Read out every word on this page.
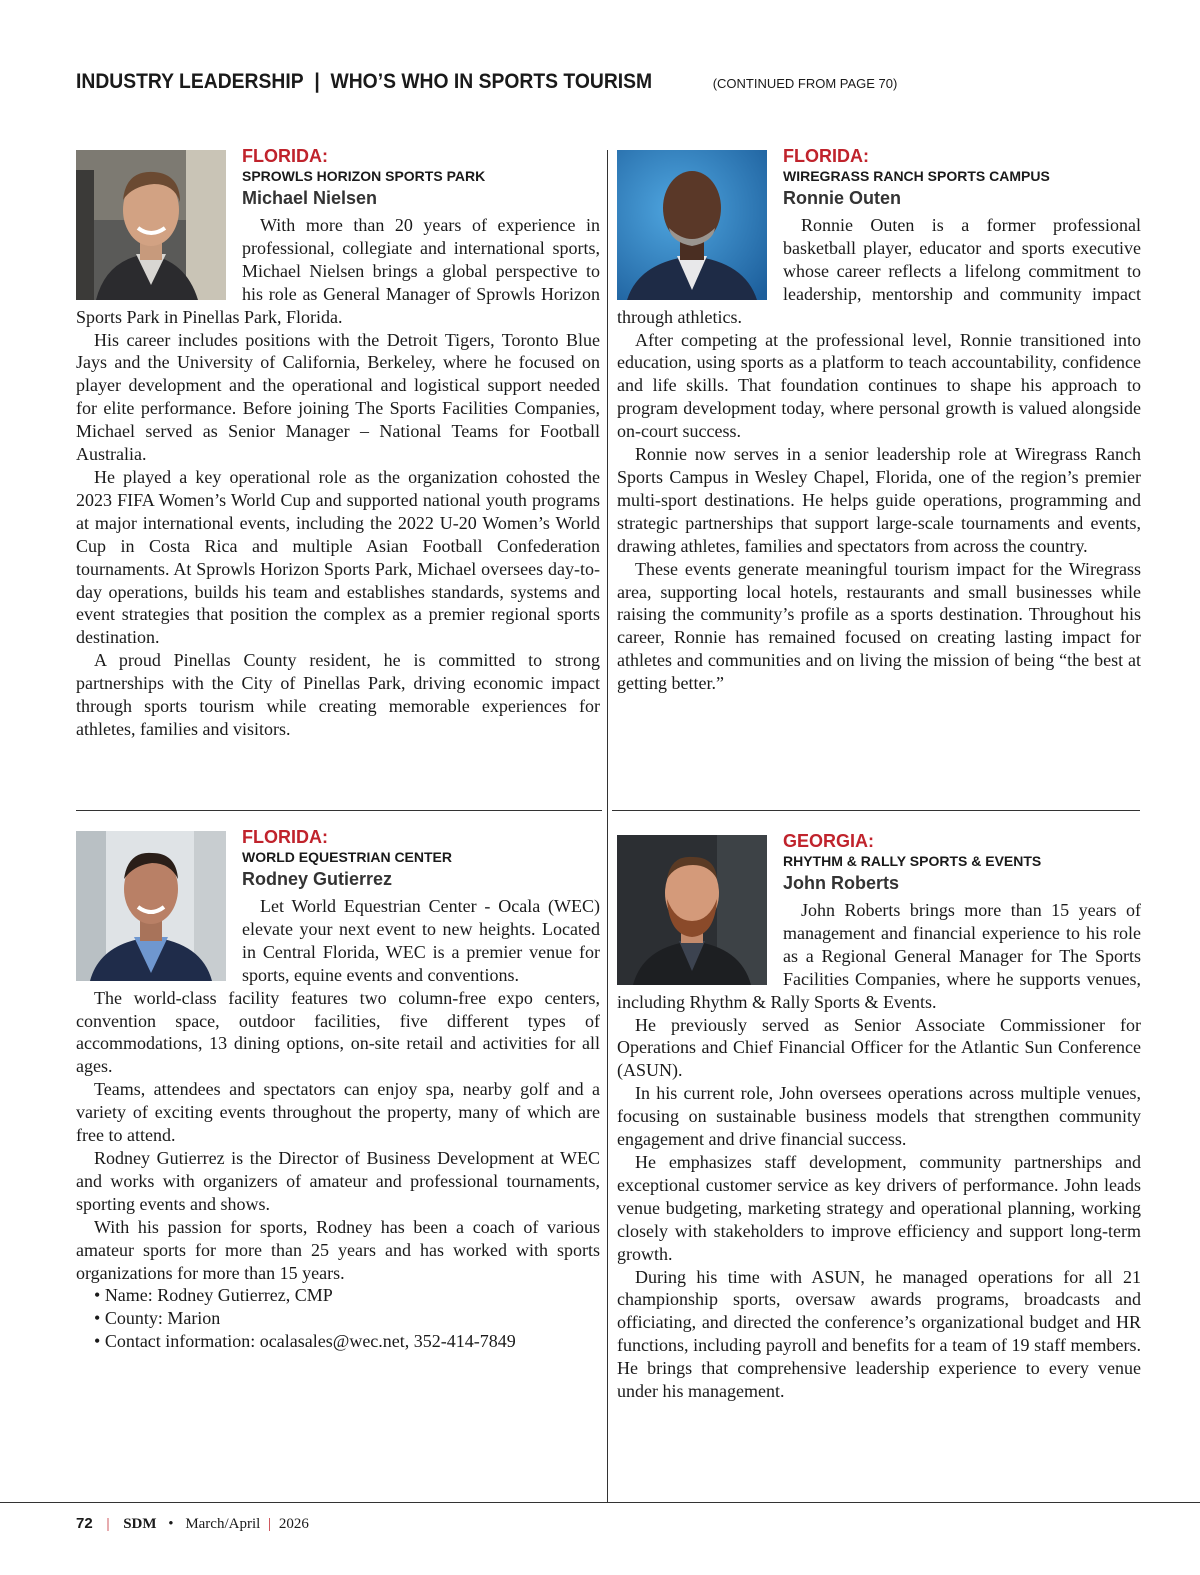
INDUSTRY LEADERSHIP | WHO’S WHO IN SPORTS TOURISM	(CONTINUED FROM PAGE 70)
FLORIDA:
SPROWLS HORIZON SPORTS PARK
Michael Nielsen

With more than 20 years of experience in professional, collegiate and international sports, Michael Nielsen brings a global perspective to his role as General Manager of Sprowls Horizon Sports Park in Pinellas Park, Florida.

His career includes positions with the Detroit Tigers, Toronto Blue Jays and the University of California, Berkeley, where he focused on player development and the operational and logistical support needed for elite performance. Before joining The Sports Facilities Companies, Michael served as Senior Manager – National Teams for Football Australia.

He played a key operational role as the organization cohosted the 2023 FIFA Women’s World Cup and supported national youth programs at major international events, including the 2022 U-20 Women’s World Cup in Costa Rica and multiple Asian Football Confederation tournaments. At Sprowls Horizon Sports Park, Michael oversees day-to-day operations, builds his team and establishes standards, systems and event strategies that position the complex as a premier regional sports destination.

A proud Pinellas County resident, he is committed to strong partnerships with the City of Pinellas Park, driving economic impact through sports tourism while creating memorable experiences for athletes, families and visitors.

FLORIDA:
WIREGRASS RANCH SPORTS CAMPUS
Ronnie Outen

Ronnie Outen is a former professional basketball player, educator and sports executive whose career reflects a lifelong commitment to leadership, mentorship and community impact through athletics.

After competing at the professional level, Ronnie transitioned into education, using sports as a platform to teach accountability, confidence and life skills. That foundation continues to shape his approach to program development today, where personal growth is valued alongside on-court success.

Ronnie now serves in a senior leadership role at Wiregrass Ranch Sports Campus in Wesley Chapel, Florida, one of the region’s premier multi-sport destinations. He helps guide operations, programming and strategic partnerships that support large-scale tournaments and events, drawing athletes, families and spectators from across the country.

These events generate meaningful tourism impact for the Wiregrass area, supporting local hotels, restaurants and small businesses while raising the community’s profile as a sports destination. Throughout his career, Ronnie has remained focused on creating lasting impact for athletes and communities and on living the mission of being “the best at getting better.”

FLORIDA:
WORLD EQUESTRIAN CENTER
Rodney Gutierrez

Let World Equestrian Center - Ocala (WEC) elevate your next event to new heights. Located in Central Florida, WEC is a premier venue for sports, equine events and conventions.

The world-class facility features two column-free expo centers, convention space, outdoor facilities, five different types of accommodations, 13 dining options, on-site retail and activities for all ages.

Teams, attendees and spectators can enjoy spa, nearby golf and a variety of exciting events throughout the property, many of which are free to attend.

Rodney Gutierrez is the Director of Business Development at WEC and works with organizers of amateur and professional tournaments, sporting events and shows.

With his passion for sports, Rodney has been a coach of various amateur sports for more than 25 years and has worked with sports organizations for more than 15 years.

• Name: Rodney Gutierrez, CMP
• County: Marion
• Contact information: ocalasales@wec.net, 352-414-7849
GEORGIA:
RHYTHM & RALLY SPORTS & EVENTS
John Roberts

John Roberts brings more than 15 years of management and financial experience to his role as a Regional General Manager for The Sports Facilities Companies, where he supports venues, including Rhythm & Rally Sports & Events.

He previously served as Senior Associate Commissioner for Operations and Chief Financial Officer for the Atlantic Sun Conference (ASUN).

In his current role, John oversees operations across multiple venues, focusing on sustainable business models that strengthen community engagement and drive financial success.

He emphasizes staff development, community partnerships and exceptional customer service as key drivers of performance. John leads venue budgeting, marketing strategy and operational planning, working closely with stakeholders to improve efficiency and support long-term growth.

During his time with ASUN, he managed operations for all 21 championship sports, oversaw awards programs, broadcasts and officiating, and directed the conference’s organizational budget and HR functions, including payroll and benefits for a team of 19 staff members. He brings that comprehensive leadership experience to every venue under his management.

72 | SDM • March/April | 2026
